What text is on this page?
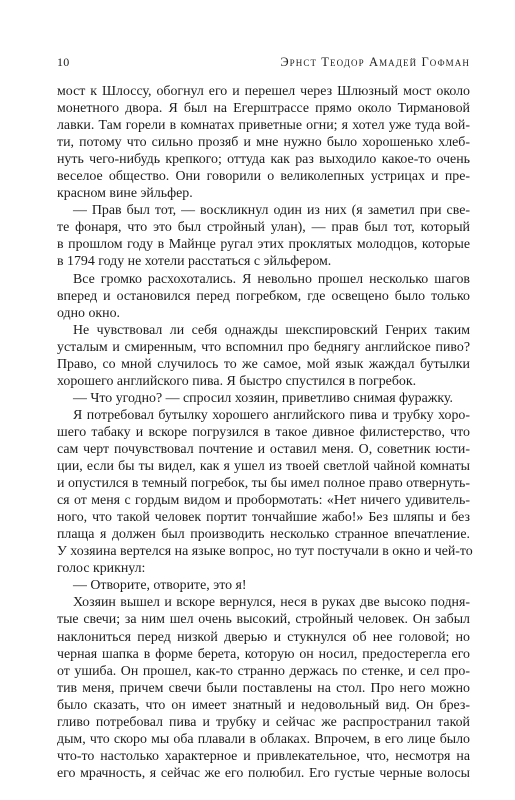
10	Эрнст Теодор Амадей Гофман
мост к Шлоссу, обогнул его и перешел через Шлюзный мост около
монетного двора. Я был на Егерштрассе прямо около Тирмановой
лавки. Там горели в комнатах приветные огни; я хотел уже туда вой-
ти, потому что сильно прозяб и мне нужно было хорошенько хлеб-
нуть чего-нибудь крепкого; оттуда как раз выходило какое-то очень
веселое общество. Они говорили о великолепных устрицах и пре-
красном вине эйльфер.
— Прав был тот, — воскликнул один из них (я заметил при све-
те фонаря, что это был стройный улан), — прав был тот, который
в прошлом году в Майнце ругал этих проклятых молодцов, которые
в 1794 году не хотели расстаться с эйльфером.
Все громко расхохотались. Я невольно прошел несколько шагов
вперед и остановился перед погребком, где освещено было только
одно окно.
Не чувствовал ли себя однажды шекспировский Генрих таким
усталым и смиренным, что вспомнил про беднягу английское пиво?
Право, со мной случилось то же самое, мой язык жаждал бутылки
хорошего английского пива. Я быстро спустился в погребок.
— Что угодно? — спросил хозяин, приветливо снимая фуражку.
Я потребовал бутылку хорошего английского пива и трубку хоро-
шего табаку и вскоре погрузился в такое дивное филистерство, что
сам черт почувствовал почтение и оставил меня. О, советник юсти-
ции, если бы ты видел, как я ушел из твоей светлой чайной комнаты
и опустился в темный погребок, ты бы имел полное право отвернуть-
ся от меня с гордым видом и пробормотать: «Нет ничего удивитель-
ного, что такой человек портит тончайшие жабо!» Без шляпы и без
плаща я должен был производить несколько странное впечатление.
У хозяина вертелся на языке вопрос, но тут постучали в окно и чей-то
голос крикнул:
— Отворите, отворите, это я!
Хозяин вышел и вскоре вернулся, неся в руках две высоко подня-
тые свечи; за ним шел очень высокий, стройный человек. Он забыл
наклониться перед низкой дверью и стукнулся об нее головой; но
черная шапка в форме берета, которую он носил, предостерегла его
от ушиба. Он прошел, как-то странно держась по стенке, и сел про-
тив меня, причем свечи были поставлены на стол. Про него можно
было сказать, что он имеет знатный и недовольный вид. Он брез-
гливо потребовал пива и трубку и сейчас же распространил такой
дым, что скоро мы оба плавали в облаках. Впрочем, в его лице было
что-то настолько характерное и привлекательное, что, несмотря на
его мрачность, я сейчас же его полюбил. Его густые черные волосы
